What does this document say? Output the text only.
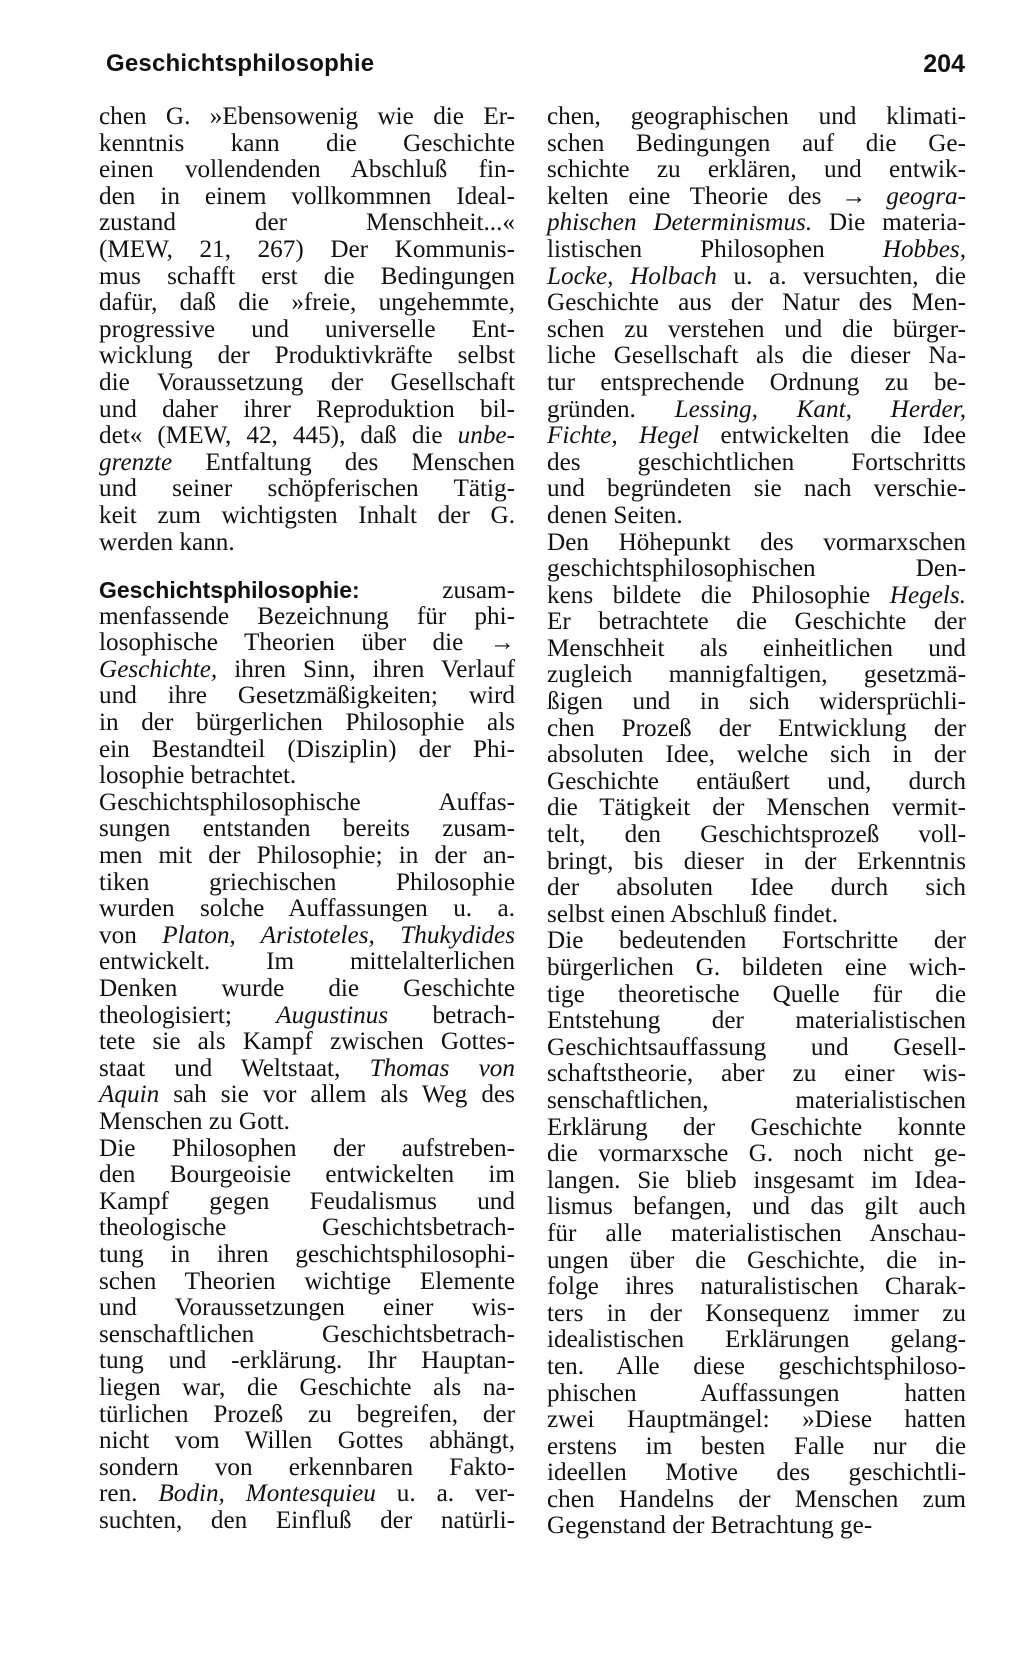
Geschichtsphilosophie	204
chen G. »Ebensowenig wie die Er-
kenntnis kann die Geschichte
einen vollendenden Abschluß fin-
den in einem vollkommnen Ideal-
zustand der Menschheit...«
(MEW, 21, 267) Der Kommunis-
mus schafft erst die Bedingungen
dafür, daß die »freie, ungehemmte,
progressive und universelle Ent-
wicklung der Produktivkräfte selbst
die Voraussetzung der Gesellschaft
und daher ihrer Reproduktion bil-
det« (MEW, 42, 445), daß die unbe-
grenzte Entfaltung des Menschen
und seiner schöpferischen Tätig-
keit zum wichtigsten Inhalt der G.
werden kann.
Geschichtsphilosophie: zusam-
menfassende Bezeichnung für phi-
losophische Theorien über die →
Geschichte, ihren Sinn, ihren Verlauf
und ihre Gesetzmäßigkeiten; wird
in der bürgerlichen Philosophie als
ein Bestandteil (Disziplin) der Phi-
losophie betrachtet.
Geschichtsphilosophische Auffas-
sungen entstanden bereits zusam-
men mit der Philosophie; in der an-
tiken griechischen Philosophie
wurden solche Auffassungen u. a.
von Platon, Aristoteles, Thukydides
entwickelt. Im mittelalterlichen
Denken wurde die Geschichte
theologisiert; Augustinus betrach-
tete sie als Kampf zwischen Gottes-
staat und Weltstaat, Thomas von
Aquin sah sie vor allem als Weg des
Menschen zu Gott.
Die Philosophen der aufstreben-
den Bourgeoisie entwickelten im
Kampf gegen Feudalismus und
theologische Geschichtsbetrach-
tung in ihren geschichtsphilosophi-
schen Theorien wichtige Elemente
und Voraussetzungen einer wis-
senschaftlichen Geschichtsbetrach-
tung und -erklärung. Ihr Hauptan-
liegen war, die Geschichte als na-
türlichen Prozeß zu begreifen, der
nicht vom Willen Gottes abhängt,
sondern von erkennbaren Fakto-
ren. Bodin, Montesquieu u. a. ver-
suchten, den Einfluß der natürli-
chen, geographischen und klimati-
schen Bedingungen auf die Ge-
schichte zu erklären, und entwik-
kelten eine Theorie des → geogra-
phischen Determinismus. Die materia-
listischen Philosophen Hobbes,
Locke, Holbach u. a. versuchten, die
Geschichte aus der Natur des Men-
schen zu verstehen und die bürger-
liche Gesellschaft als die dieser Na-
tur entsprechende Ordnung zu be-
gründen. Lessing, Kant, Herder,
Fichte, Hegel entwickelten die Idee
des geschichtlichen Fortschritts
und begründeten sie nach verschie-
denen Seiten.
Den Höhepunkt des vormarxschen
geschichtsphilosophischen Den-
kens bildete die Philosophie Hegels.
Er betrachtete die Geschichte der
Menschheit als einheitlichen und
zugleich mannigfaltigen, gesetzmä-
ßigen und in sich widersprüchli-
chen Prozeß der Entwicklung der
absoluten Idee, welche sich in der
Geschichte entäußert und, durch
die Tätigkeit der Menschen vermit-
telt, den Geschichtsprozeß voll-
bringt, bis dieser in der Erkenntnis
der absoluten Idee durch sich
selbst einen Abschluß findet.
Die bedeutenden Fortschritte der
bürgerlichen G. bildeten eine wich-
tige theoretische Quelle für die
Entstehung der materialistischen
Geschichtsauffassung und Gesell-
schaftstheorie, aber zu einer wis-
senschaftlichen, materialistischen
Erklärung der Geschichte konnte
die vormarxsche G. noch nicht ge-
langen. Sie blieb insgesamt im Idea-
lismus befangen, und das gilt auch
für alle materialistischen Anschau-
ungen über die Geschichte, die in-
folge ihres naturalistischen Charak-
ters in der Konsequenz immer zu
idealistischen Erklärungen gelang-
ten. Alle diese geschichtsphiloso-
phischen Auffassungen hatten
zwei Hauptmängel: »Diese hatten
erstens im besten Falle nur die
ideellen Motive des geschichtli-
chen Handelns der Menschen zum
Gegenstand der Betrachtung ge-
